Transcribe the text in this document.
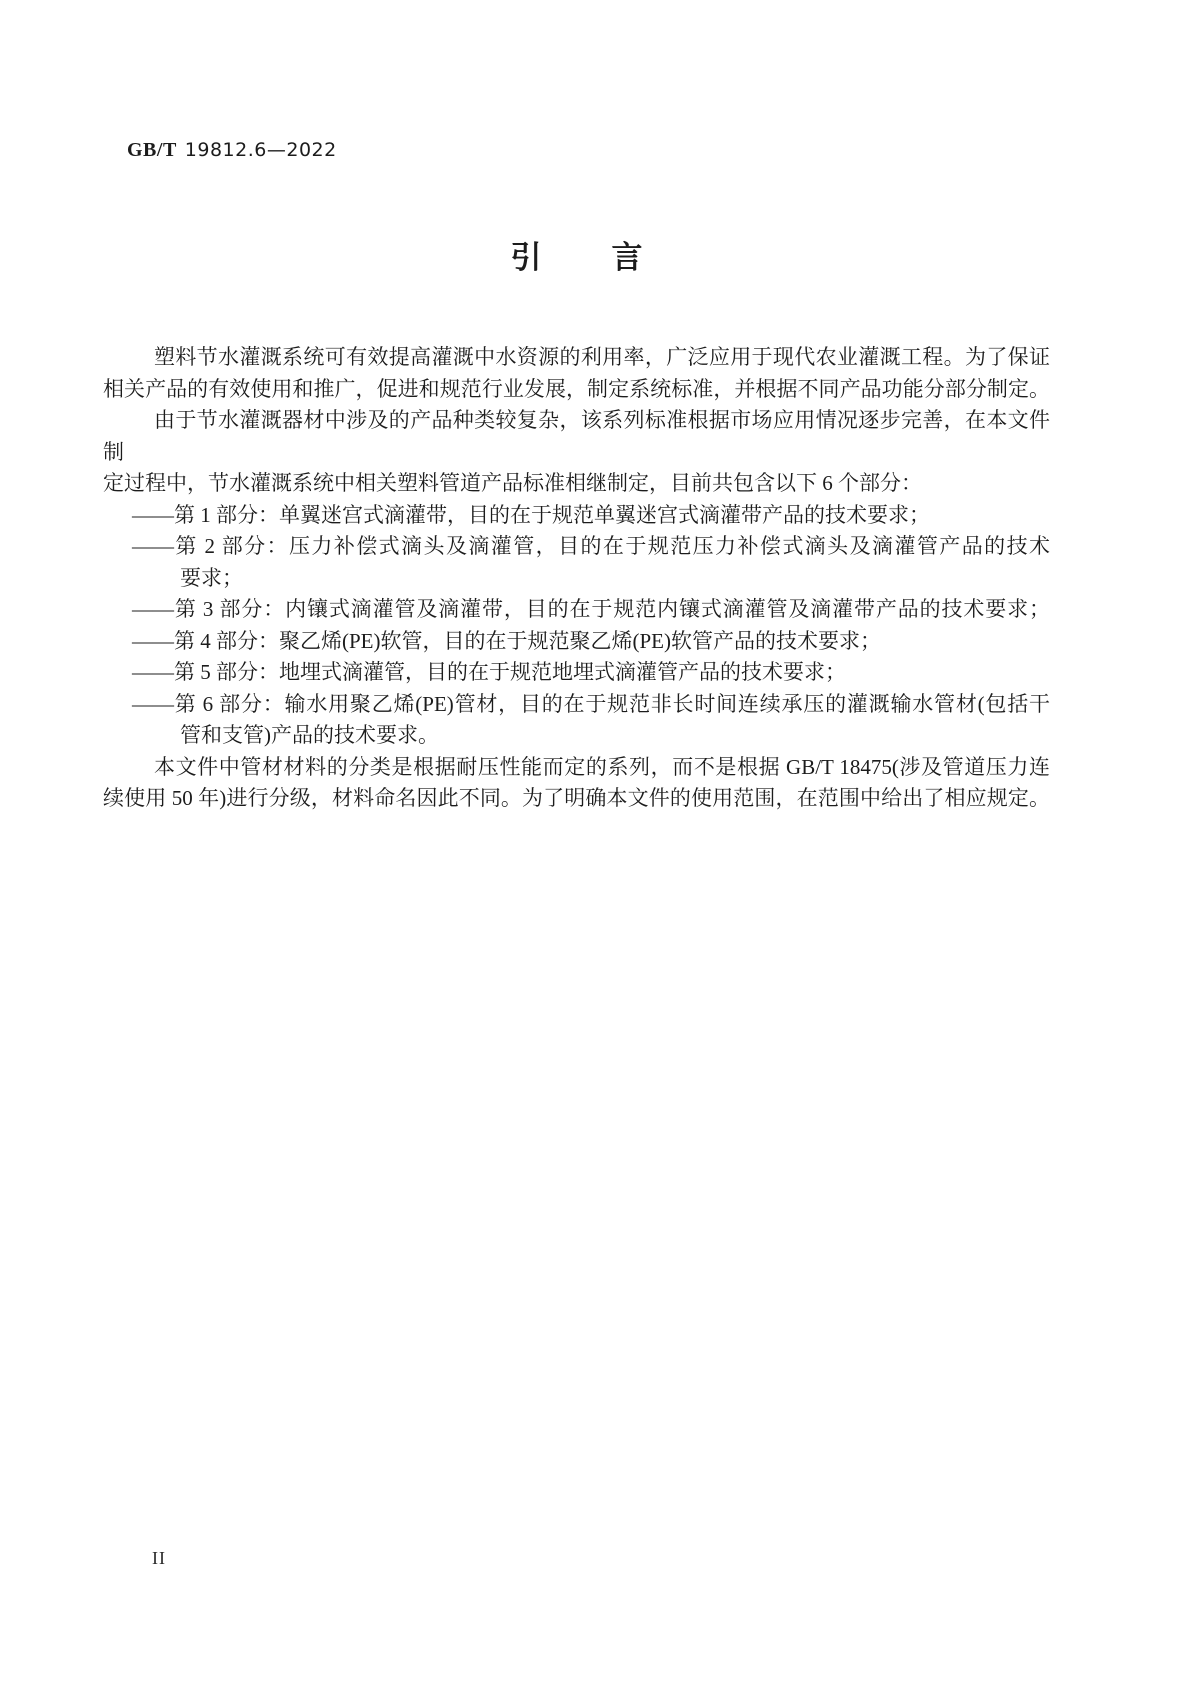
GB/T 19812.6—2022
引言
塑料节水灌溉系统可有效提高灌溉中水资源的利用率，广泛应用于现代农业灌溉工程。为了保证
相关产品的有效使用和推广，促进和规范行业发展，制定系统标准，并根据不同产品功能分部分制定。
由于节水灌溉器材中涉及的产品种类较复杂，该系列标准根据市场应用情况逐步完善，在本文件制
定过程中，节水灌溉系统中相关塑料管道产品标准相继制定，目前共包含以下 6 个部分：
——第 1 部分：单翼迷宫式滴灌带，目的在于规范单翼迷宫式滴灌带产品的技术要求；
——第 2 部分：压力补偿式滴头及滴灌管，目的在于规范压力补偿式滴头及滴灌管产品的技术
要求；
——第 3 部分：内镶式滴灌管及滴灌带，目的在于规范内镶式滴灌管及滴灌带产品的技术要求；
——第 4 部分：聚乙烯(PE)软管，目的在于规范聚乙烯(PE)软管产品的技术要求；
——第 5 部分：地埋式滴灌管，目的在于规范地埋式滴灌管产品的技术要求；
——第 6 部分：输水用聚乙烯(PE)管材，目的在于规范非长时间连续承压的灌溉输水管材(包括干
管和支管)产品的技术要求。
本文件中管材材料的分类是根据耐压性能而定的系列，而不是根据 GB/T 18475(涉及管道压力连
续使用 50 年)进行分级，材料命名因此不同。为了明确本文件的使用范围，在范围中给出了相应规定。
II
